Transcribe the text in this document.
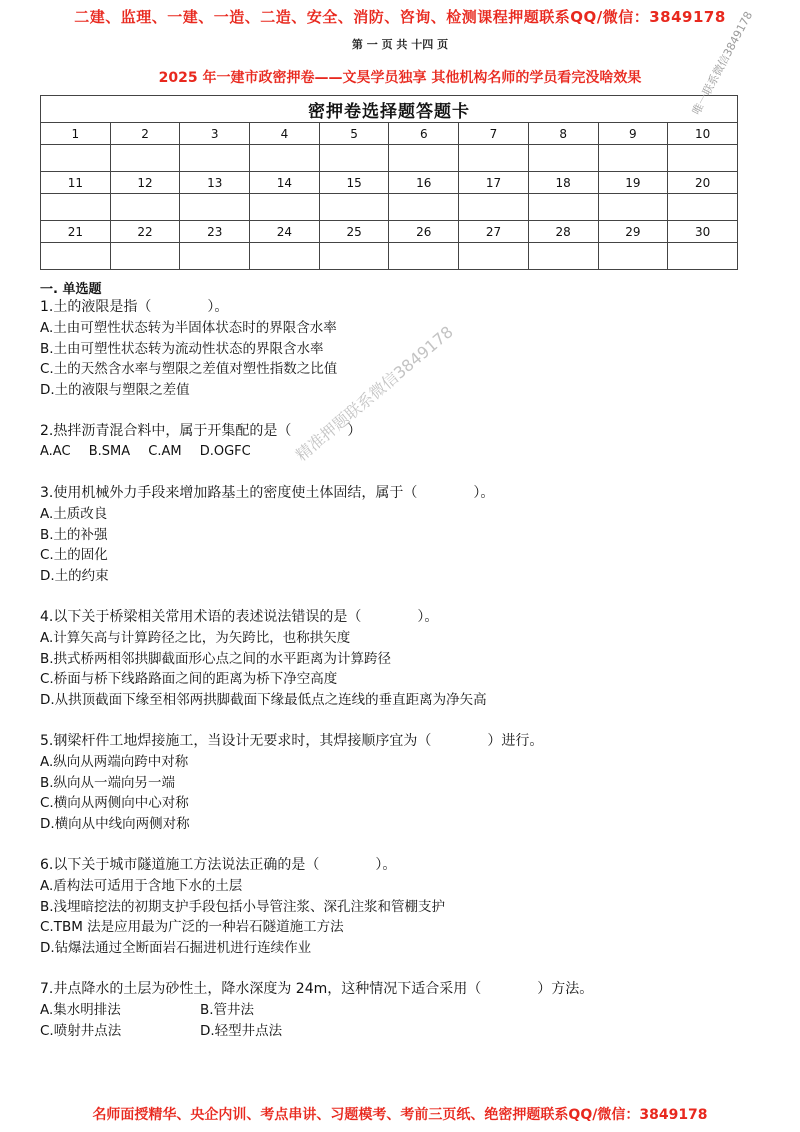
二建、监理、一建、一造、二造、安全、消防、咨询、检测课程押题联系QQ/微信：3849178
第 一 页 共 十四 页
2025 年一建市政密押卷——文昊学员独享 其他机构名师的学员看完没啥效果
密押卷选择题答题卡									
1	2	3	4	5	6	7	8	9	10

11	12	13	14	15	16	17	18	19	20

21	22	23	24	25	26	27	28	29	30

唯一联系微信3849178
精准押题联系微信3849178
一. 单选题
1.土的液限是指（　　　　）。
A.土由可塑性状态转为半固体状态时的界限含水率
B.土由可塑性状态转为流动性状态的界限含水率
C.土的天然含水率与塑限之差值对塑性指数之比值
D.土的液限与塑限之差值
2.热拌沥青混合料中，属于开集配的是（　　　　）
A.AC B.SMA C.AM D.OGFC
3.使用机械外力手段来增加路基土的密度使土体固结，属于（　　　　）。
A.土质改良
B.土的补强
C.土的固化
D.土的约束
4.以下关于桥梁相关常用术语的表述说法错误的是（　　　　）。
A.计算矢高与计算跨径之比，为矢跨比，也称拱矢度
B.拱式桥两相邻拱脚截面形心点之间的水平距离为计算跨径
C.桥面与桥下线路路面之间的距离为桥下净空高度
D.从拱顶截面下缘至相邻两拱脚截面下缘最低点之连线的垂直距离为净矢高
5.钢梁杆件工地焊接施工，当设计无要求时，其焊接顺序宜为（　　　　）进行。
A.纵向从两端向跨中对称
B.纵向从一端向另一端
C.横向从两侧向中心对称
D.横向从中线向两侧对称
6.以下关于城市隧道施工方法说法正确的是（　　　　）。
A.盾构法可适用于含地下水的土层
B.浅埋暗挖法的初期支护手段包括小导管注浆、深孔注浆和管棚支护
C.TBM 法是应用最为广泛的一种岩石隧道施工方法
D.钻爆法通过全断面岩石掘进机进行连续作业
7.井点降水的土层为砂性土，降水深度为 24m，这种情况下适合采用（　　　　）方法。
A.集水明排法	B.管井法
C.喷射井点法	D.轻型井点法
名师面授精华、央企内训、考点串讲、习题模考、考前三页纸、绝密押题联系QQ/微信：3849178
